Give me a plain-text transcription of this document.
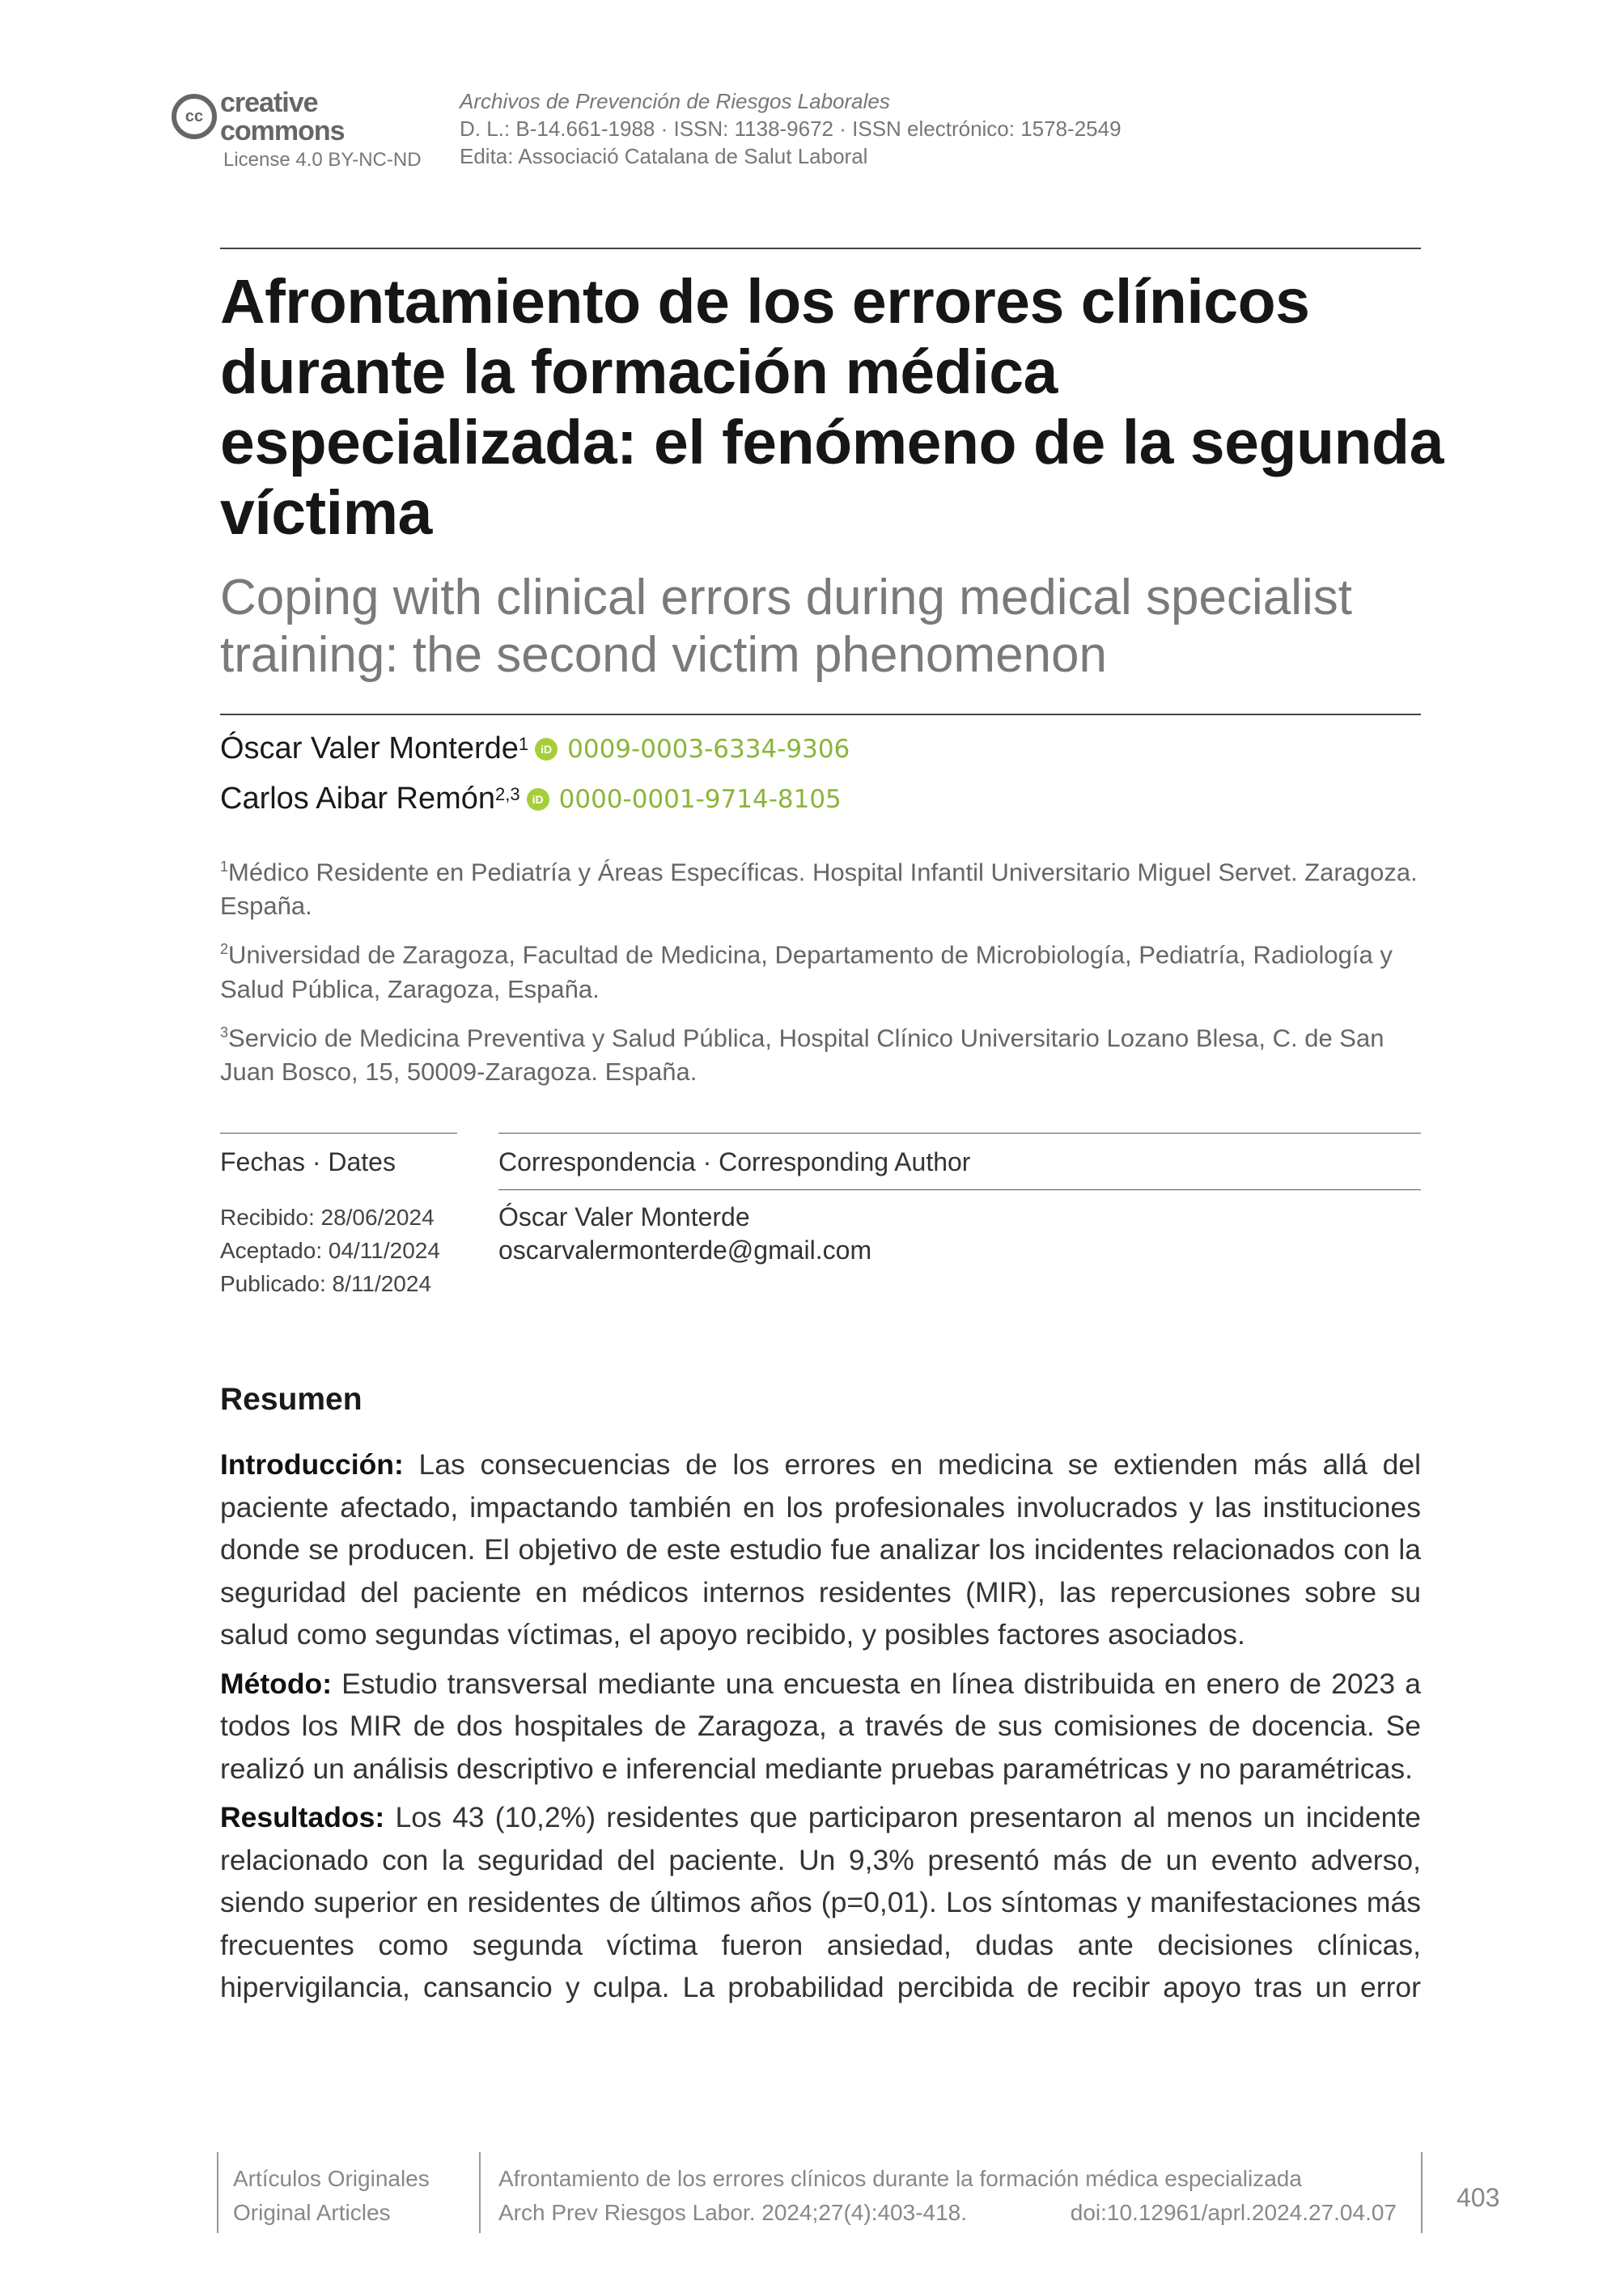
cc creative
commons
License 4.0 BY-NC-ND
Archivos de Prevención de Riesgos Laborales
D. L.: B-14.661-1988 · ISSN: 1138-9672 · ISSN electrónico: 1578-2549
Edita: Associació Catalana de Salut Laboral
Afrontamiento de los errores clínicos durante la formación médica especializada: el fenómeno de la segunda víctima
Coping with clinical errors during medical specialist training: the second victim phenomenon
Óscar Valer Monterde$^1$	iD 0009-0003-6334-9306
Carlos Aibar Remón$^{2,3}$	iD 0000-0001-9714-8105

$^1$Médico Residente en Pediatría y Áreas Específicas. Hospital Infantil Universitario Miguel Servet. Zaragoza. España.

$^2$Universidad de Zaragoza, Facultad de Medicina, Departamento de Microbiología, Pediatría, Radiología y Salud Pública, Zaragoza, España.

$^3$Servicio de Medicina Preventiva y Salud Pública, Hospital Clínico Universitario Lozano Blesa, C. de San Juan Bosco, 15, 50009-Zaragoza. España.

Fechas · Dates	Correspondencia · Corresponding Author
Recibido: 28/06/2024
Aceptado: 04/11/2024
Publicado: 8/11/2024
Óscar Valer Monterde
oscarvalermonterde@gmail.com
Resumen

Introducción: Las consecuencias de los errores en medicina se extienden más allá del paciente afectado, impactando también en los profesionales involucrados y las instituciones donde se producen. El objetivo de este estudio fue analizar los incidentes relacionados con la seguridad del paciente en médicos internos residentes (MIR), las repercusiones sobre su salud como segundas víctimas, el apoyo recibido, y posibles factores asociados.

Método: Estudio transversal mediante una encuesta en línea distribuida en enero de 2023 a todos los MIR de dos hospitales de Zaragoza, a través de sus comisiones de docencia. Se realizó un análisis descriptivo e inferencial mediante pruebas paramétricas y no paramétricas.

Resultados: Los 43 (10,2%) residentes que participaron presentaron al menos un incidente relacionado con la seguridad del paciente. Un 9,3% presentó más de un evento adverso, siendo superior en residentes de últimos años (p=0,01). Los síntomas y manifestaciones más frecuentes como segunda víctima fueron ansiedad, dudas ante decisiones clínicas, hipervigilancia, cansancio y culpa. La probabilidad percibida de recibir apoyo tras un error

Artículos Originales
Original Articles
Afrontamiento de los errores clínicos durante la formación médica especializada
Arch Prev Riesgos Labor. 2024;27(4):403-418.	doi:10.12961/aprl.2024.27.04.07
403
